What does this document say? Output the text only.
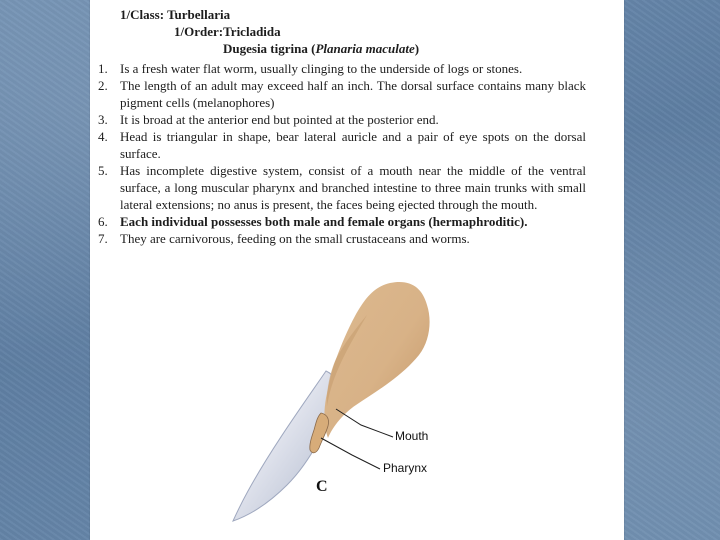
1/Class: Turbellaria
1/Order:Tricladida
Dugesia tigrina (Planaria maculate)
1. Is a fresh water flat worm, usually clinging to the underside of logs or stones.
2. The length of an adult may exceed half an inch. The dorsal surface contains many black pigment cells (melanophores)
3. It is broad at the anterior end but pointed at the posterior end.
4. Head is triangular in shape, bear lateral auricle and a pair of eye spots on the dorsal surface.
5. Has incomplete digestive system, consist of a mouth near the middle of the ventral surface, a long muscular pharynx and branched intestine to three main trunks with small lateral extensions; no anus is present, the faces being ejected through the mouth.
6. Each individual possesses both male and female organs (hermaphroditic).
7. They are carnivorous, feeding on the small crustaceans and worms.
Mouth
Pharynx
C
